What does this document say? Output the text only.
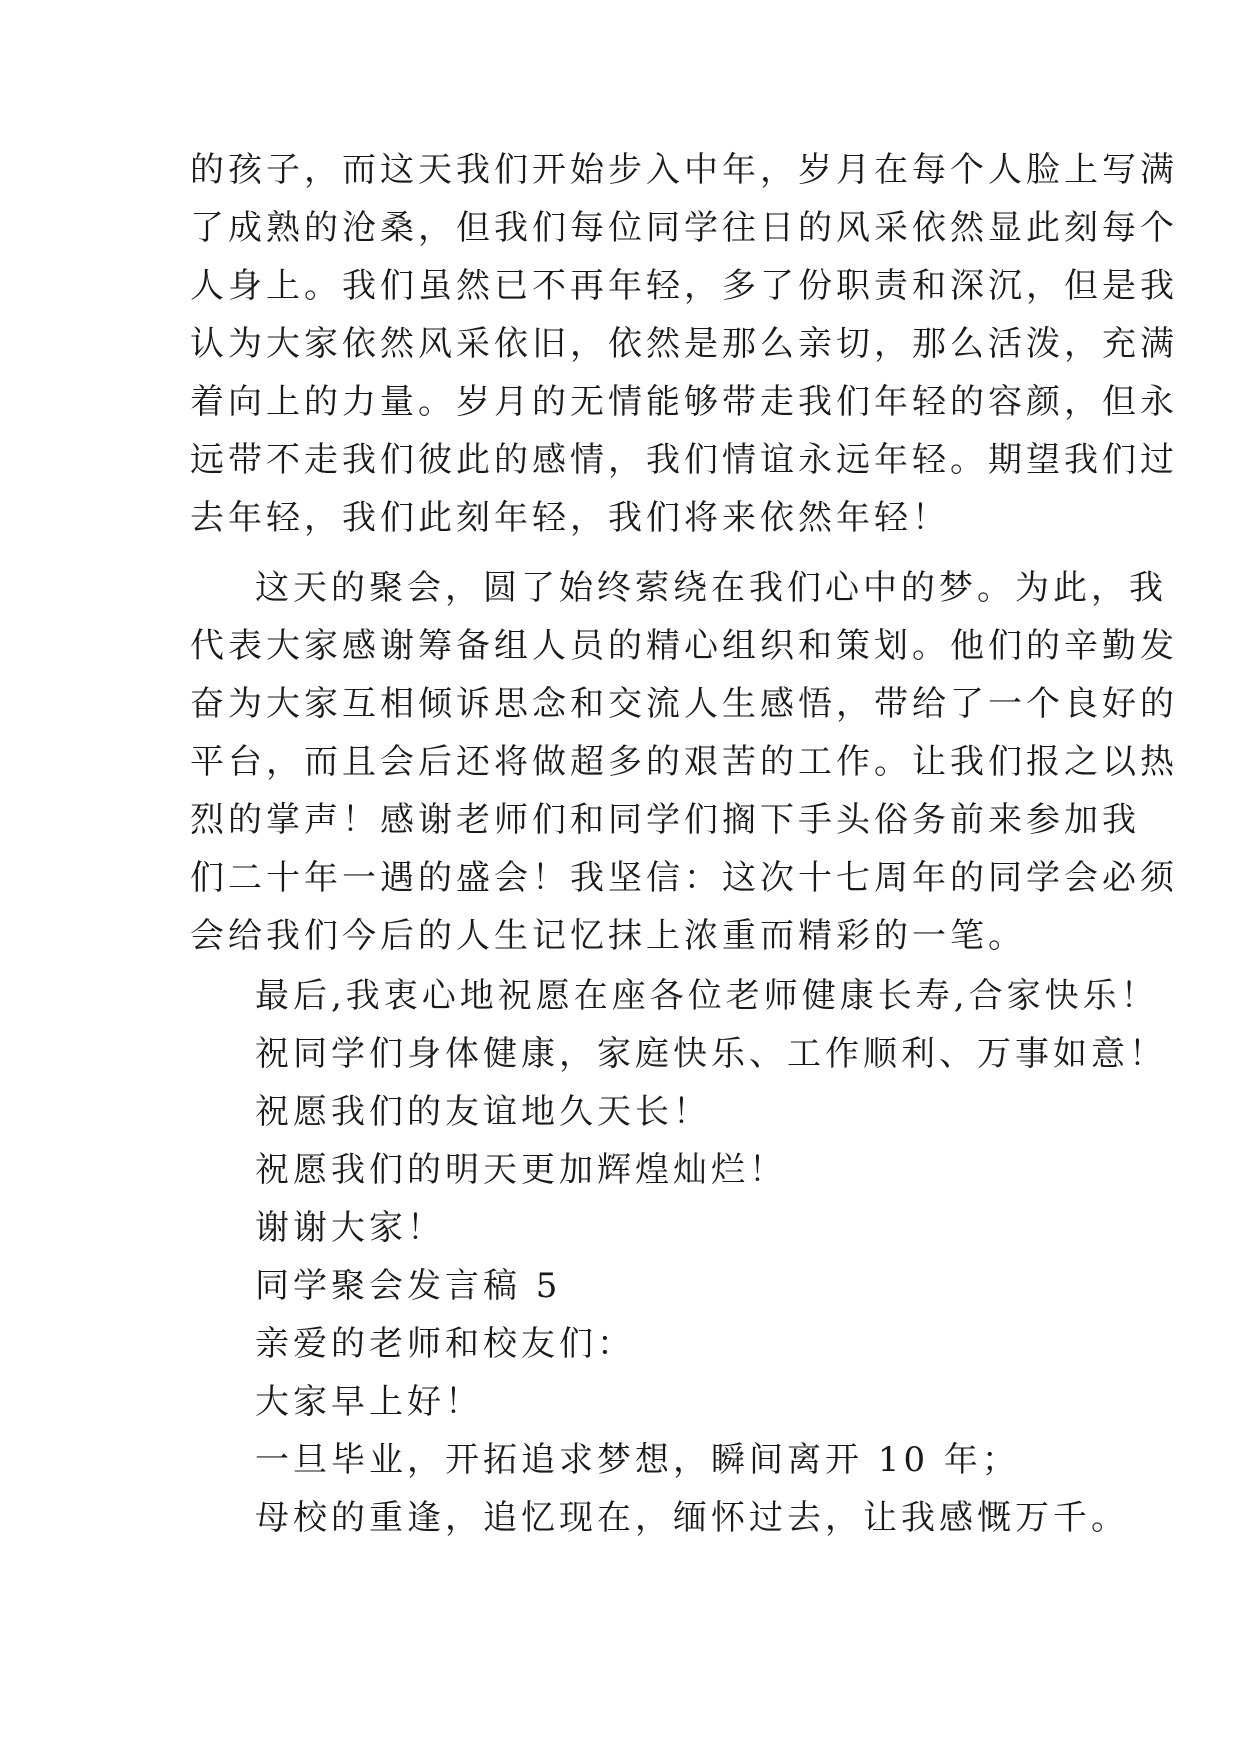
的孩子，而这天我们开始步入中年，岁月在每个人脸上写满
了成熟的沧桑，但我们每位同学往日的风采依然显此刻每个
人身上。我们虽然已不再年轻，多了份职责和深沉，但是我
认为大家依然风采依旧，依然是那么亲切，那么活泼，充满
着向上的力量。岁月的无情能够带走我们年轻的容颜，但永
远带不走我们彼此的感情，我们情谊永远年轻。期望我们过
去年轻，我们此刻年轻，我们将来依然年轻！
这天的聚会，圆了始终萦绕在我们心中的梦。为此，我
代表大家感谢筹备组人员的精心组织和策划。他们的辛勤发
奋为大家互相倾诉思念和交流人生感悟，带给了一个良好的
平台，而且会后还将做超多的艰苦的工作。让我们报之以热
烈的掌声！感谢老师们和同学们搁下手头俗务前来参加我
们二十年一遇的盛会！我坚信：这次十七周年的同学会必须
会给我们今后的人生记忆抹上浓重而精彩的一笔。
最后,我衷心地祝愿在座各位老师健康长寿,合家快乐！
祝同学们身体健康，家庭快乐、工作顺利、万事如意！
祝愿我们的友谊地久天长！
祝愿我们的明天更加辉煌灿烂！
谢谢大家！
同学聚会发言稿 5
亲爱的老师和校友们：
大家早上好！
一旦毕业，开拓追求梦想，瞬间离开 10 年；
母校的重逢，追忆现在，缅怀过去，让我感慨万千。
